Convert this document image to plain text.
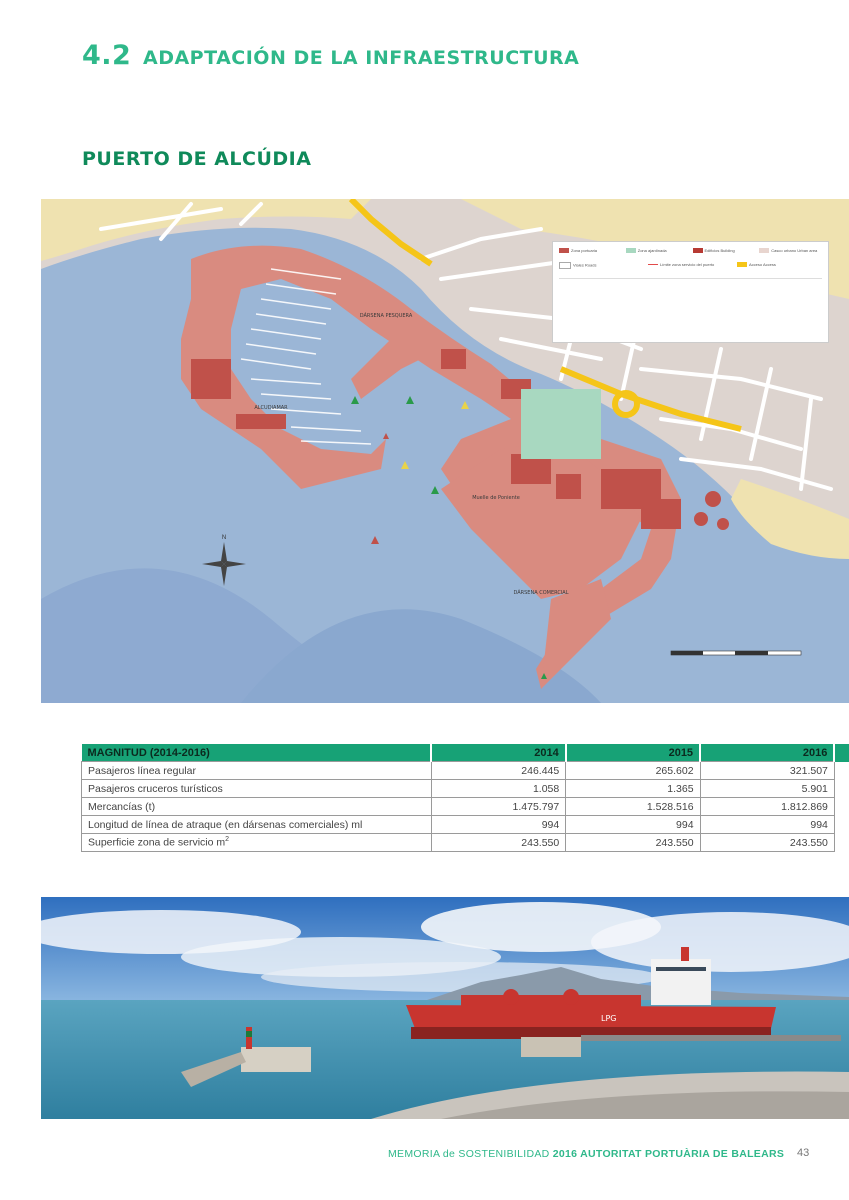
4.2 ADAPTACIÓN DE LA INFRAESTRUCTURA
PUERTO DE ALCÚDIA
DÁRSENA PESQUERA
ALCUDIAMAR
DÁRSENA COMERCIAL
Muelle de Poniente
N
Zona portuaria	Zona ajardinada	Edificios Building	Casco urbano Urban area
Viales Roads	Límite zona servicio del puerto	Acceso Access
MAGNITUD (2014-2016)	2014	2015	2016	
Pasajeros línea regular	246.445	265.602	321.507	
Pasajeros cruceros turísticos	1.058	1.365	5.901	
Mercancías (t)	1.475.797	1.528.516	1.812.869	
Longitud de línea de atraque (en dársenas comerciales) ml	994	994	994	
Superficie zona de servicio $m^2$	243.550	243.550	243.550	
LPG
MEMORIA de SOSTENIBILIDAD 2016 AUTORITAT PORTUÀRIA DE BALEARS 43
